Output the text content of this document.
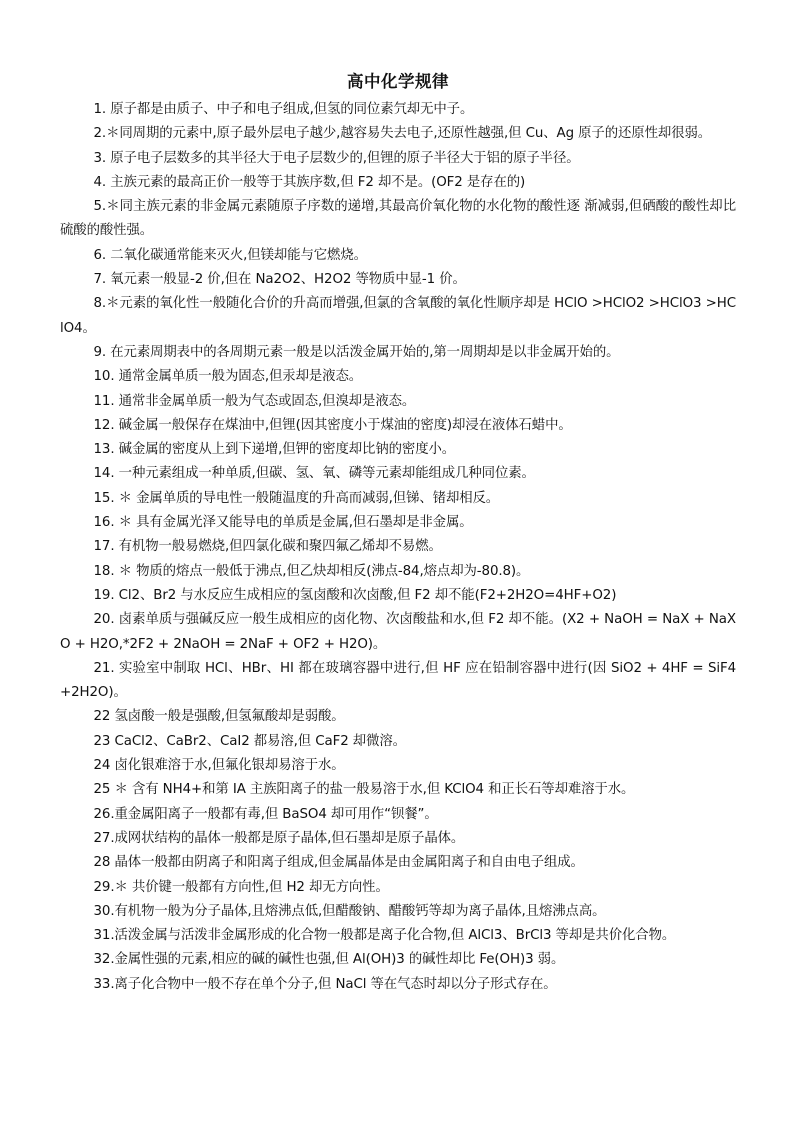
高中化学规律
1. 原子都是由质子、中子和电子组成,但氢的同位素氕却无中子。
2.＊同周期的元素中,原子最外层电子越少,越容易失去电子,还原性越强,但 Cu、Ag 原子的还原性却很弱。
3. 原子电子层数多的其半径大于电子层数少的,但锂的原子半径大于铝的原子半径。
4. 主族元素的最高正价一般等于其族序数,但 F2 却不是。(OF2 是存在的)
5.＊同主族元素的非金属元素随原子序数的递增,其最高价氧化物的水化物的酸性逐 渐减弱,但硒酸的酸性却比硫酸的酸性强。
6. 二氧化碳通常能来灭火,但镁却能与它燃烧。
7. 氧元素一般显-2 价,但在 Na2O2、H2O2 等物质中显-1 价。
8.＊元素的氧化性一般随化合价的升高而增强,但氯的含氧酸的氧化性顺序却是 HClO >HClO2 >HClO3 >HClO4。
9. 在元素周期表中的各周期元素一般是以活泼金属开始的,第一周期却是以非金属开始的。
10. 通常金属单质一般为固态,但汞却是液态。
11. 通常非金属单质一般为气态或固态,但溴却是液态。
12. 碱金属一般保存在煤油中,但锂(因其密度小于煤油的密度)却浸在液体石蜡中。
13. 碱金属的密度从上到下递增,但钾的密度却比钠的密度小。
14. 一种元素组成一种单质,但碳、氢、氧、磷等元素却能组成几种同位素。
15. ＊ 金属单质的导电性一般随温度的升高而减弱,但锑、锗却相反。
16. ＊ 具有金属光泽又能导电的单质是金属,但石墨却是非金属。
17. 有机物一般易燃烧,但四氯化碳和聚四氟乙烯却不易燃。
18. ＊ 物质的熔点一般低于沸点,但乙炔却相反(沸点-84,熔点却为-80.8)。
19. Cl2、Br2 与水反应生成相应的氢卤酸和次卤酸,但 F2 却不能(F2+2H2O=4HF+O2)
20. 卤素单质与强碱反应一般生成相应的卤化物、次卤酸盐和水,但 F2 却不能。(X2 + NaOH = NaX + NaXO + H2O,*2F2 + 2NaOH = 2NaF + OF2 + H2O)。
21. 实验室中制取 HCl、HBr、HI 都在玻璃容器中进行,但 HF 应在铅制容器中进行(因 SiO2 + 4HF = SiF4 +2H2O)。
22 氢卤酸一般是强酸,但氢氟酸却是弱酸。
23 CaCl2、CaBr2、CaI2 都易溶,但 CaF2 却微溶。
24 卤化银难溶于水,但氟化银却易溶于水。
25 ＊ 含有 NH4+和第 IA 主族阳离子的盐一般易溶于水,但 KClO4 和正长石等却难溶于水。
26.重金属阳离子一般都有毒,但 BaSO4 却可用作“钡餐”。
27.成网状结构的晶体一般都是原子晶体,但石墨却是原子晶体。
28 晶体一般都由阴离子和阳离子组成,但金属晶体是由金属阳离子和自由电子组成。
29.＊ 共价键一般都有方向性,但 H2 却无方向性。
30.有机物一般为分子晶体,且熔沸点低,但醋酸钠、醋酸钙等却为离子晶体,且熔沸点高。
31.活泼金属与活泼非金属形成的化合物一般都是离子化合物,但 AlCl3、BrCl3 等却是共价化合物。
32.金属性强的元素,相应的碱的碱性也强,但 Al(OH)3 的碱性却比 Fe(OH)3 弱。
33.离子化合物中一般不存在单个分子,但 NaCl 等在气态时却以分子形式存在。
